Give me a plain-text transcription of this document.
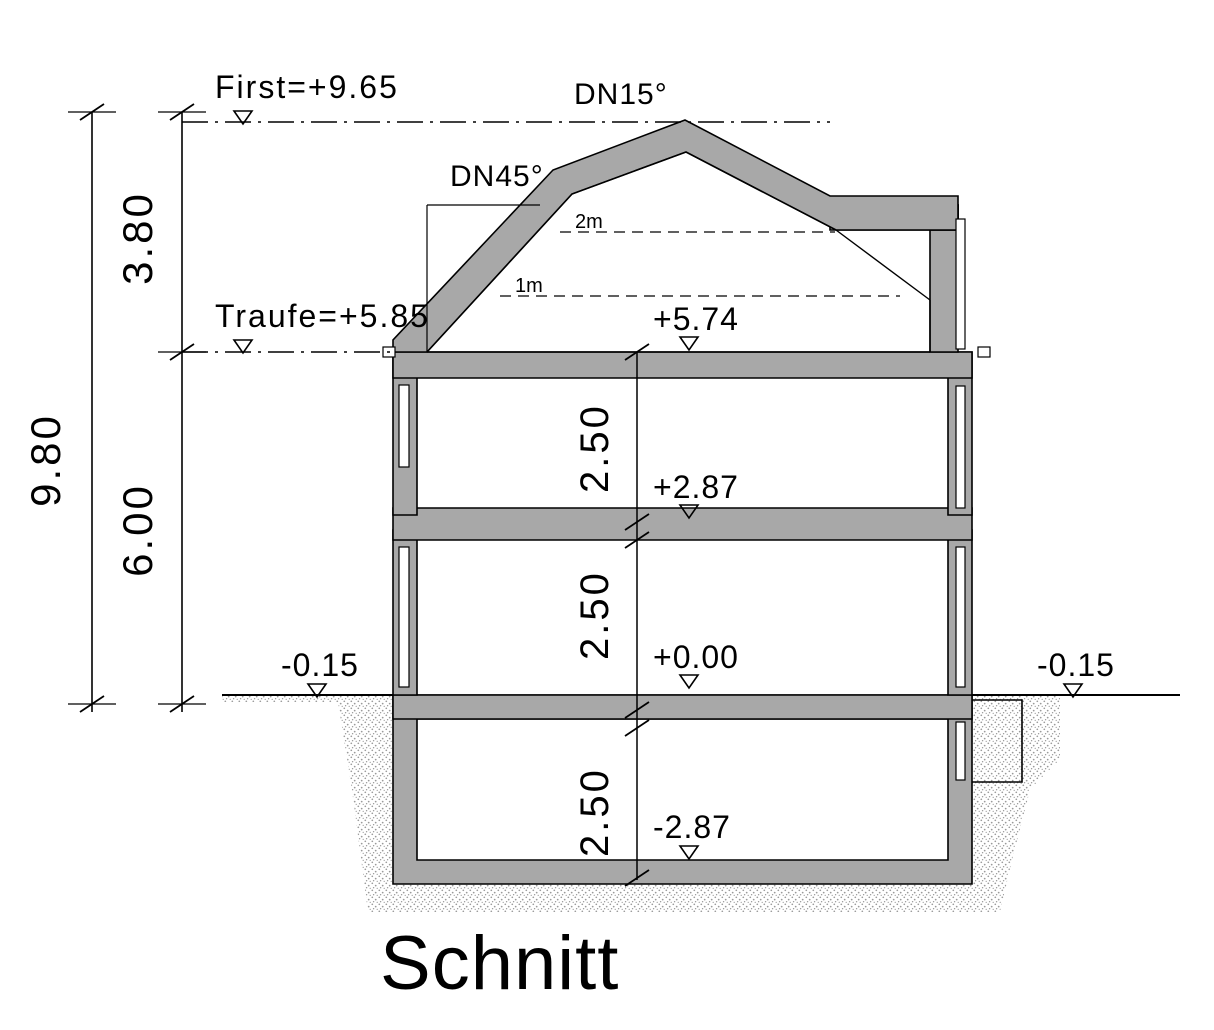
9.80
3.80
6.00
2.50
2.50
2.50
First=+9.65
Traufe=+5.85
DN15°
DN45°
2m
1m
+5.74
+2.87
+0.00
-2.87
-0.15	-0.15
Schnitt
